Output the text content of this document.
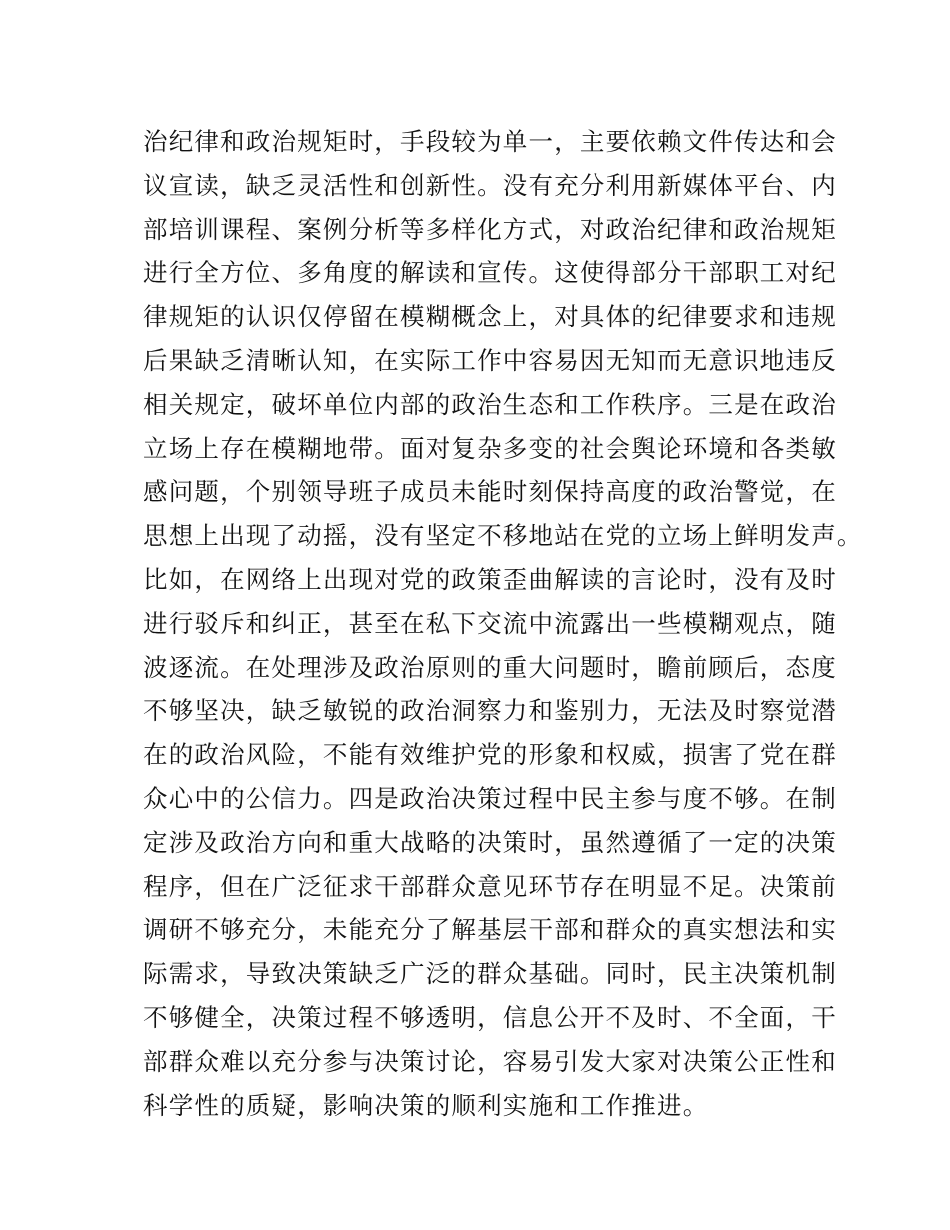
治纪律和政治规矩时，手段较为单一，主要依赖文件传达和会
议宣读，缺乏灵活性和创新性。没有充分利用新媒体平台、内
部培训课程、案例分析等多样化方式，对政治纪律和政治规矩
进行全方位、多角度的解读和宣传。这使得部分干部职工对纪
律规矩的认识仅停留在模糊概念上，对具体的纪律要求和违规
后果缺乏清晰认知，在实际工作中容易因无知而无意识地违反
相关规定，破坏单位内部的政治生态和工作秩序。三是在政治
立场上存在模糊地带。面对复杂多变的社会舆论环境和各类敏
感问题，个别领导班子成员未能时刻保持高度的政治警觉，在
思想上出现了动摇，没有坚定不移地站在党的立场上鲜明发声。
比如，在网络上出现对党的政策歪曲解读的言论时，没有及时
进行驳斥和纠正，甚至在私下交流中流露出一些模糊观点，随
波逐流。在处理涉及政治原则的重大问题时，瞻前顾后，态度
不够坚决，缺乏敏锐的政治洞察力和鉴别力，无法及时察觉潜
在的政治风险，不能有效维护党的形象和权威，损害了党在群
众心中的公信力。四是政治决策过程中民主参与度不够。在制
定涉及政治方向和重大战略的决策时，虽然遵循了一定的决策
程序，但在广泛征求干部群众意见环节存在明显不足。决策前
调研不够充分，未能充分了解基层干部和群众的真实想法和实
际需求，导致决策缺乏广泛的群众基础。同时，民主决策机制
不够健全，决策过程不够透明，信息公开不及时、不全面，干
部群众难以充分参与决策讨论，容易引发大家对决策公正性和
科学性的质疑，影响决策的顺利实施和工作推进。
